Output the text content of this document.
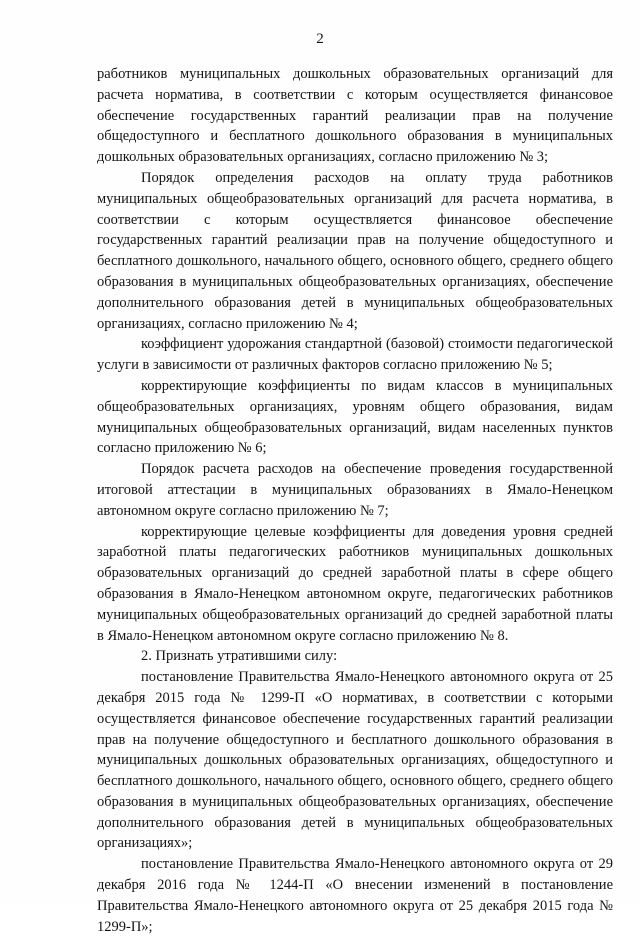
2

работников муниципальных дошкольных образовательных организаций для расчета норматива, в соответствии с которым осуществляется финансовое обеспечение государственных гарантий реализации прав на получение общедоступного и бесплатного дошкольного образования в муниципальных дошкольных образовательных организациях, согласно приложению № 3;

Порядок определения расходов на оплату труда работников муниципальных общеобразовательных организаций для расчета норматива, в соответствии с которым осуществляется финансовое обеспечение государственных гарантий реализации прав на получение общедоступного и бесплатного дошкольного, начального общего, основного общего, среднего общего образования в муниципальных общеобразовательных организациях, обеспечение дополнительного образования детей в муниципальных общеобразовательных организациях, согласно приложению № 4;

коэффициент удорожания стандартной (базовой) стоимости педагогической услуги в зависимости от различных факторов согласно приложению № 5;

корректирующие коэффициенты по видам классов в муниципальных общеобразовательных организациях, уровням общего образования, видам муниципальных общеобразовательных организаций, видам населенных пунктов согласно приложению № 6;

Порядок расчета расходов на обеспечение проведения государственной итоговой аттестации в муниципальных образованиях в Ямало-Ненецком автономном округе согласно приложению № 7;

корректирующие целевые коэффициенты для доведения уровня средней заработной платы педагогических работников муниципальных дошкольных образовательных организаций до средней заработной платы в сфере общего образования в Ямало-Ненецком автономном округе, педагогических работников муниципальных общеобразовательных организаций до средней заработной платы в Ямало-Ненецком автономном округе согласно приложению № 8.

2. Признать утратившими силу:

постановление Правительства Ямало-Ненецкого автономного округа от 25 декабря 2015 года № 1299-П «О нормативах, в соответствии с которыми осуществляется финансовое обеспечение государственных гарантий реализации прав на получение общедоступного и бесплатного дошкольного образования в муниципальных дошкольных образовательных организациях, общедоступного и бесплатного дошкольного, начального общего, основного общего, среднего общего образования в муниципальных общеобразовательных организациях, обеспечение дополнительного образования детей в муниципальных общеобразовательных организациях»;

постановление Правительства Ямало-Ненецкого автономного округа от 29 декабря 2016 года № 1244-П «О внесении изменений в постановление Правительства Ямало-Ненецкого автономного округа от 25 декабря 2015 года № 1299-П»;
